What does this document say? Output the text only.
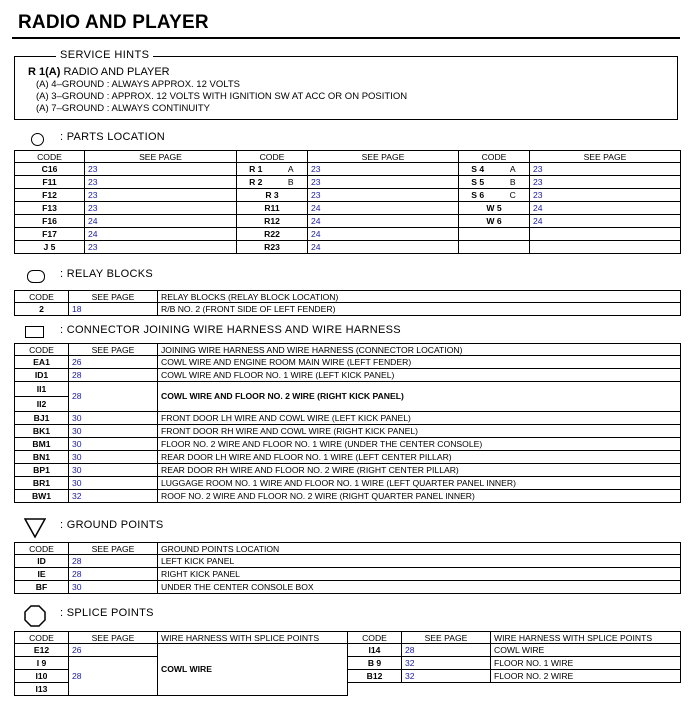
RADIO AND PLAYER
SERVICE HINTS
R 1(A) RADIO AND PLAYER
(A) 4–GROUND : ALWAYS APPROX. 12 VOLTS
(A) 3–GROUND : APPROX. 12 VOLTS WITH IGNITION SW AT ACC OR ON POSITION
(A) 7–GROUND : ALWAYS CONTINUITY
: PARTS LOCATION
CODE	SEE PAGE	CODE		SEE PAGE	CODE		SEE PAGE
C16	23	R 1	A	23	S 4	A	23
F11	23	R 2	B	23	S 5	B	23
F12	23	R 3		23	S 6	C	23
F13	23	R11		24	W 5		24
F16	24	R12		24	W 6		24
F17	24	R22		24			
J 5	23	R23		24			
: RELAY BLOCKS
CODE	SEE PAGE	RELAY BLOCKS (RELAY BLOCK LOCATION)
2	18	R/B NO. 2 (FRONT SIDE OF LEFT FENDER)
: CONNECTOR JOINING WIRE HARNESS AND WIRE HARNESS
CODE	SEE PAGE	JOINING WIRE HARNESS AND WIRE HARNESS (CONNECTOR LOCATION)
EA1	26	COWL WIRE AND ENGINE ROOM MAIN WIRE (LEFT FENDER)
ID1	28	COWL WIRE AND FLOOR NO. 1 WIRE (LEFT KICK PANEL)
II1	28	COWL WIRE AND FLOOR NO. 2 WIRE (RIGHT KICK PANEL)
II2		
BJ1	30	FRONT DOOR LH WIRE AND COWL WIRE (LEFT KICK PANEL)
BK1	30	FRONT DOOR RH WIRE AND COWL WIRE (RIGHT KICK PANEL)
BM1	30	FLOOR NO. 2 WIRE AND FLOOR NO. 1 WIRE (UNDER THE CENTER CONSOLE)
BN1	30	REAR DOOR LH WIRE AND FLOOR NO. 1 WIRE (LEFT CENTER PILLAR)
BP1	30	REAR DOOR RH WIRE AND FLOOR NO. 2 WIRE (RIGHT CENTER PILLAR)
BR1	30	LUGGAGE ROOM NO. 1 WIRE AND FLOOR NO. 1 WIRE (LEFT QUARTER PANEL INNER)
BW1	32	ROOF NO. 2 WIRE AND FLOOR NO. 2 WIRE (RIGHT QUARTER PANEL INNER)
: GROUND POINTS
CODE	SEE PAGE	GROUND POINTS LOCATION
ID	28	LEFT KICK PANEL
IE	28	RIGHT KICK PANEL
BF	30	UNDER THE CENTER CONSOLE BOX
: SPLICE POINTS
CODE	SEE PAGE	WIRE HARNESS WITH SPLICE POINTS	CODE	SEE PAGE	WIRE HARNESS WITH SPLICE POINTS
E12	26	COWL WIRE	I14	28	COWL WIRE
I 9	28		B 9	32	FLOOR NO. 1 WIRE
I10			B12	32	FLOOR NO. 2 WIRE
I13					
